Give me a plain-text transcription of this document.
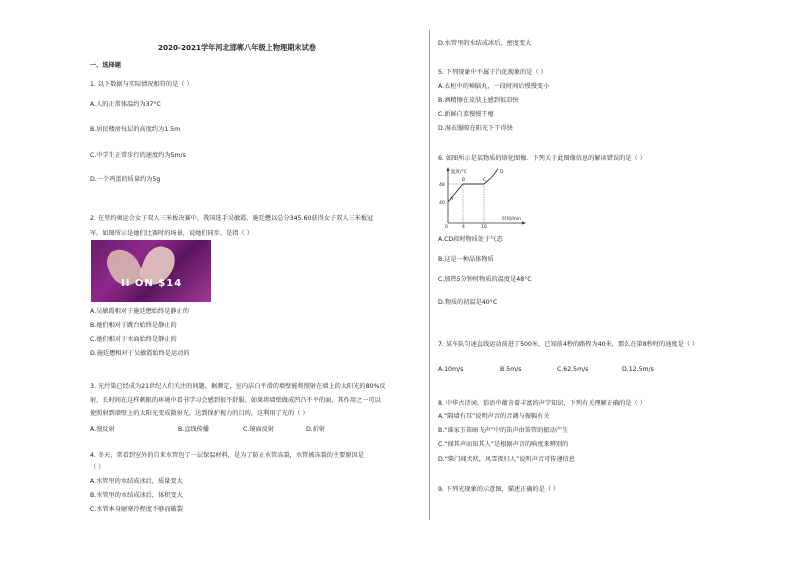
2020-2021学年河北邯郸八年级上物理期末试卷
一、选择题
1. 以下数据与实际情况相符的是（ ）
A.人的正常体温约为37°C
B.居民楼房每层的高度约为1.5m
C.中学生正常步行的速度约为5m/s
D.一个鸡蛋的质量约为5g
2. 在里约奥运会女子双人三米板决赛中，我国选手吴敏霞、施廷懋以总分345.60获得女子双人三米板冠
军。如图所示是她们比赛时的场景，说她们同步，是指（ ）
II ON $14
A.吴敏霞相对于施廷懋始终是静止的
B.她们相对于跳台始终是静止的
C.她们相对于水面始终是静止的
D.施廷懋相对于吴敏霞始终是运动的
3. 光污染已经成为21世纪人们关注的问题，据测定，室内洁白平滑的墙壁能将照射在墙上的太阳光的80%反
射，长时间在这样刺眼的环境中看书学习会感到很不舒服。如果将墙壁做成凹凸不平的面，其作用之一可以
使照射到墙壁上的太阳光变成散射光，达到保护视力的目的，这利用了光的（ ）
A.漫反射	B.直线传播	C.镜面反射	D.折射
4. 冬天，常看到室外的自来水管包了一层保温材料，是为了防止水管冻裂，水管被冻裂的主要原因是
（ ）
A.水管里的水结成冰后，质量变大
B.水管里的水结成冰后，体积变大
C.水管本身耐寒冷程度不够而破裂
D.水管里的水结成冰后，密度变大
5. 下列现象中不属于汽化现象的是（ ）
A.衣柜中的樟脑丸，一段时间后慢慢变小
B.酒精擦在皮肤上感到很凉快
C.新鲜白菜慢慢干瘪
D.湿衣服晾在阳光下干得快
6. 如图所示是某物质的熔化图像．下列关于此图像信息的解读错误的是（ ）
温度/°C
时间/min
48
40
0	4	10
A
B	C
D
A.CD段时物质处于气态
B.这是一种晶体物质
C.加热5分钟时物质的温度是48°C
D.物质的初温是40°C
7. 某车队匀速直线运动前进了500米，已知前4秒的路程为40米，那么在第8秒时的速度是（ ）
A.10m/s	B.5m/s	C.62.5m/s	D.12.5m/s
8. 中华古诗词、俗语中蕴含着丰富的声学知识，下列有关理解正确的是（ ）
A.“隔墙有耳”说明声音的音调与振幅有关
B.“谁家玉笛暗飞声”中的笛声由笛管的振动产生
C.“闻其声而知其人”是根据声音的响度来辨别的
D.“柴门闻犬吠，风雪夜归人”说明声音可传递信息
9. 下列光现象的示意图，描述正确的是（ ）
